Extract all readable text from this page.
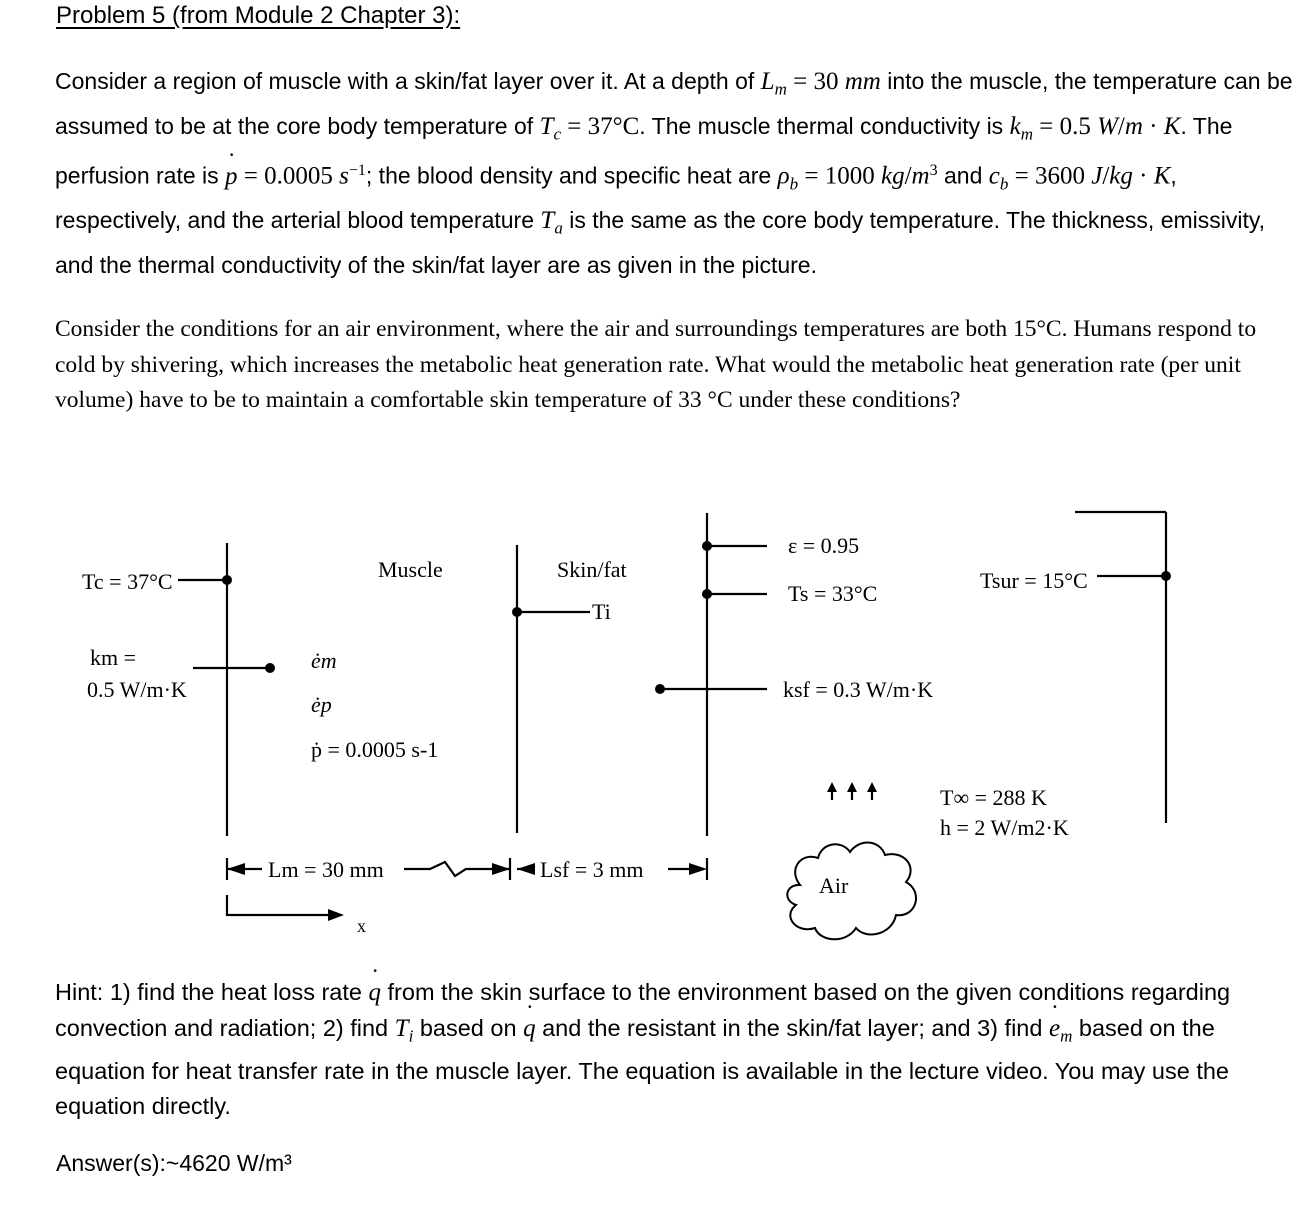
Problem 5 (from Module 2 Chapter 3):
Consider a region of muscle with a skin/fat layer over it. At a depth of $L_m = 30$ mm into the muscle, the temperature can be assumed to be at the core body temperature of $T_c = 37^\circ C$. The muscle thermal conductivity is $k_m = 0.5$ W/m · K. The perfusion rate is ˙ p = 0.0005 $s^{-1}$; the blood density and specific heat are $\rho_b = 1000$ $kg/m^3$ and $c_b = 3600$ J/kg · K, respectively, and the arterial blood temperature $T_a$ is the same as the core body temperature. The thickness, emissivity, and the thermal conductivity of the skin/fat layer are as given in the picture.
Consider the conditions for an air environment, where the air and surroundings temperatures are both 15°C. Humans respond to cold by shivering, which increases the metabolic heat generation rate. What would the metabolic heat generation rate (per unit volume) have to be to maintain a comfortable skin temperature of 33 °C under these conditions?
Tc = 37°C
km =
0.5 W/m·K
Muscle
ėm
ėp
ṗ = 0.0005 s-1
Skin/fat
Ti
ε = 0.95
Ts = 33°C
ksf = 0.3 W/m·K
Tsur = 15°C
T∞ = 288 K
h = 2 W/m2·K
Lm = 30 mm	Lsf = 3 mm
x
Air
Hint: 1) find the heat loss rate ˙ q from the skin surface to the environment based on the given conditions regarding convection and radiation; 2) find $T_i$ based on ˙ q and the resistant in the skin/fat layer; and 3) find ˙ $e_m$ based on the equation for heat transfer rate in the muscle layer. The equation is available in the lecture video. You may use the equation directly.
Answer(s):~4620 W/m³
